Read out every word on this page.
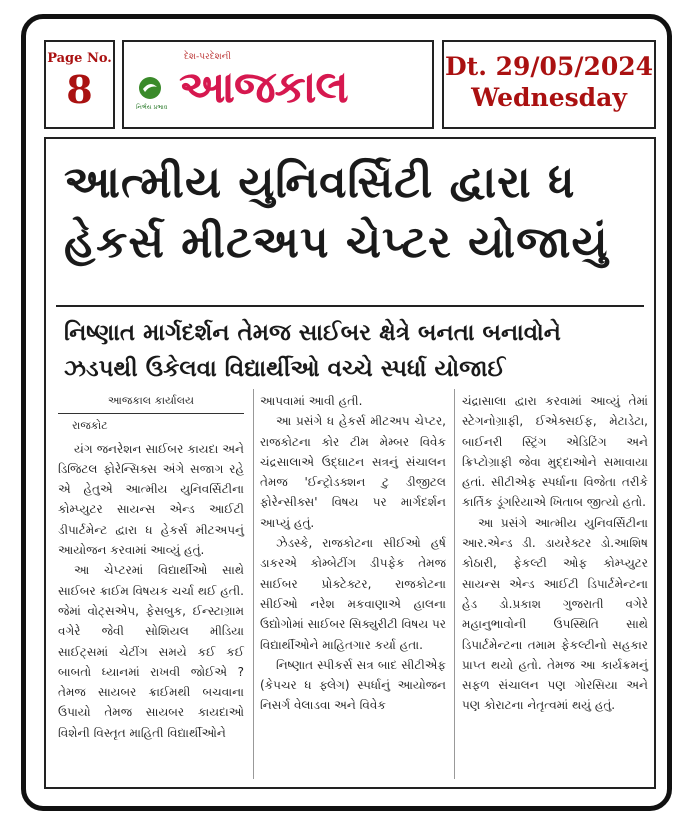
Page No.
8	નિર્ભય પ્રભાવ
દેશ-પરદેશની
આજકાલ	Dt. 29/05/2024
Wednesday
આત્મીય યુનિવર્સિટી દ્વારા ધ
હેકર્સ મીટઅપ ચેપ્ટર યોજાયું
નિષ્ણાત માર્ગદર્શન તેમજ સાઈબર ક્ષેત્રે બનતા બનાવોને
ઝડપથી ઉકેલવા વિદ્યાર્થીઓ વચ્ચે સ્પર્ધા યોજાઈ
આજકાલ કાર્યાલય
રાજકોટ

યંગ જનરેશન સાઈબર કાયદા અને ડિજિટલ ફોરેન્સિક્સ અંગે સજાગ રહે એ હેતુએ આત્મીય યુનિવર્સિટીના કોમ્પ્યુટર સાયન્સ એન્ડ આઈટી ડીપાર્ટમેન્ટ દ્વારા ધ હેકર્સ મીટઅપનું આયોજન કરવામાં આવ્યું હતું.

આ ચેપ્ટરમાં વિદ્યાર્થીઓ સાથે સાઈબર ક્રાઈમ વિષયક ચર્ચા થઈ હતી. જેમાં વોટ્સએપ, ફેસબુક, ઈન્સ્ટાગ્રામ વગેરે જેવી સોશિયલ મીડિયા સાઈટ્સમાં ચેટીંગ સમયે કઈ કઈ બાબતો ધ્યાનમાં રાખવી જોઈએ ? તેમજ સાયબર ક્રાઈમથી બચવાના ઉપાયો તેમજ સાયબર કાયદાઓ વિશેની વિસ્તૃત માહિતી વિદ્યાર્થીઓને

આપવામાં આવી હતી.

આ પ્રસંગે ધ હેકર્સ મીટઅપ ચેપ્ટર, રાજકોટના કોર ટીમ મેમ્બર વિવેક ચંદ્રસાલાએ ઉદ્ઘાટન સત્રનું સંચાલન તેમજ 'ઈન્ટ્રોડક્શન ટુ ડીજીટલ ફોરેન્સીક્સ' વિષય પર માર્ગદર્શન આપ્યું હતું.

ઝેડસ્કે, રાજકોટના સીઈઓ હર્ષ ડાકરએ કોમ્બેટીંગ ડીપફેક તેમજ સાઈબર પ્રોક્ટેક્ટર, રાજકોટના સીઈઓ નરેશ મકવાણાએ હાલના ઉદ્યોગોમાં સાઈબર સિક્યુરીટી વિષય પર વિદ્યાર્થીઓને માહિતગાર કર્યા હતા.

નિષ્ણાત સ્પીકર્સ સત્ર બાદ સીટીએફ (કેપચર ધ ફ્લેગ) સ્પર્ધાનું આયોજન નિસર્ગ વેલાડવા અને વિવેક

ચંદ્રાસાલા દ્વારા કરવામાં આવ્યું તેમાં સ્ટેગનોગ્રાફી, ઈએક્સઈફ, મેટાડેટા, બાઈનરી સ્ટ્રિંગ એડિટિંગ અને ક્રિપ્ટોગ્રાફી જેવા મુદ્દાઓને સમાવાયા હતાં. સીટીએફ સ્પર્ધાના વિજેતા તરીકે કાર્તિક ડૂંગરિયાએ ખિતાબ જીત્યો હતો.

આ પ્રસંગે આત્મીય યુનિવર્સિટીના આર.એન્ડ ડી. ડાયરેક્ટર ડો.આશિષ કોઠારી, ફેકલ્ટી ઓફ કોમ્પ્યુટર સાયન્સ એન્ડ આઈટી ડિપાર્ટમેન્ટના હેડ ડો.પ્રકાશ ગુજરાતી વગેરે મહાનુભાવોની ઉપસ્થિતિ સાથે ડિપાર્ટમેન્ટના તમામ ફેકલ્ટીનો સહકાર પ્રાપ્ત થયો હતો. તેમજ આ કાર્યક્રમનું સફળ સંચાલન પણ ગોરસિયા અને પણ કોરાટના નેતૃત્વમાં થયું હતું.
